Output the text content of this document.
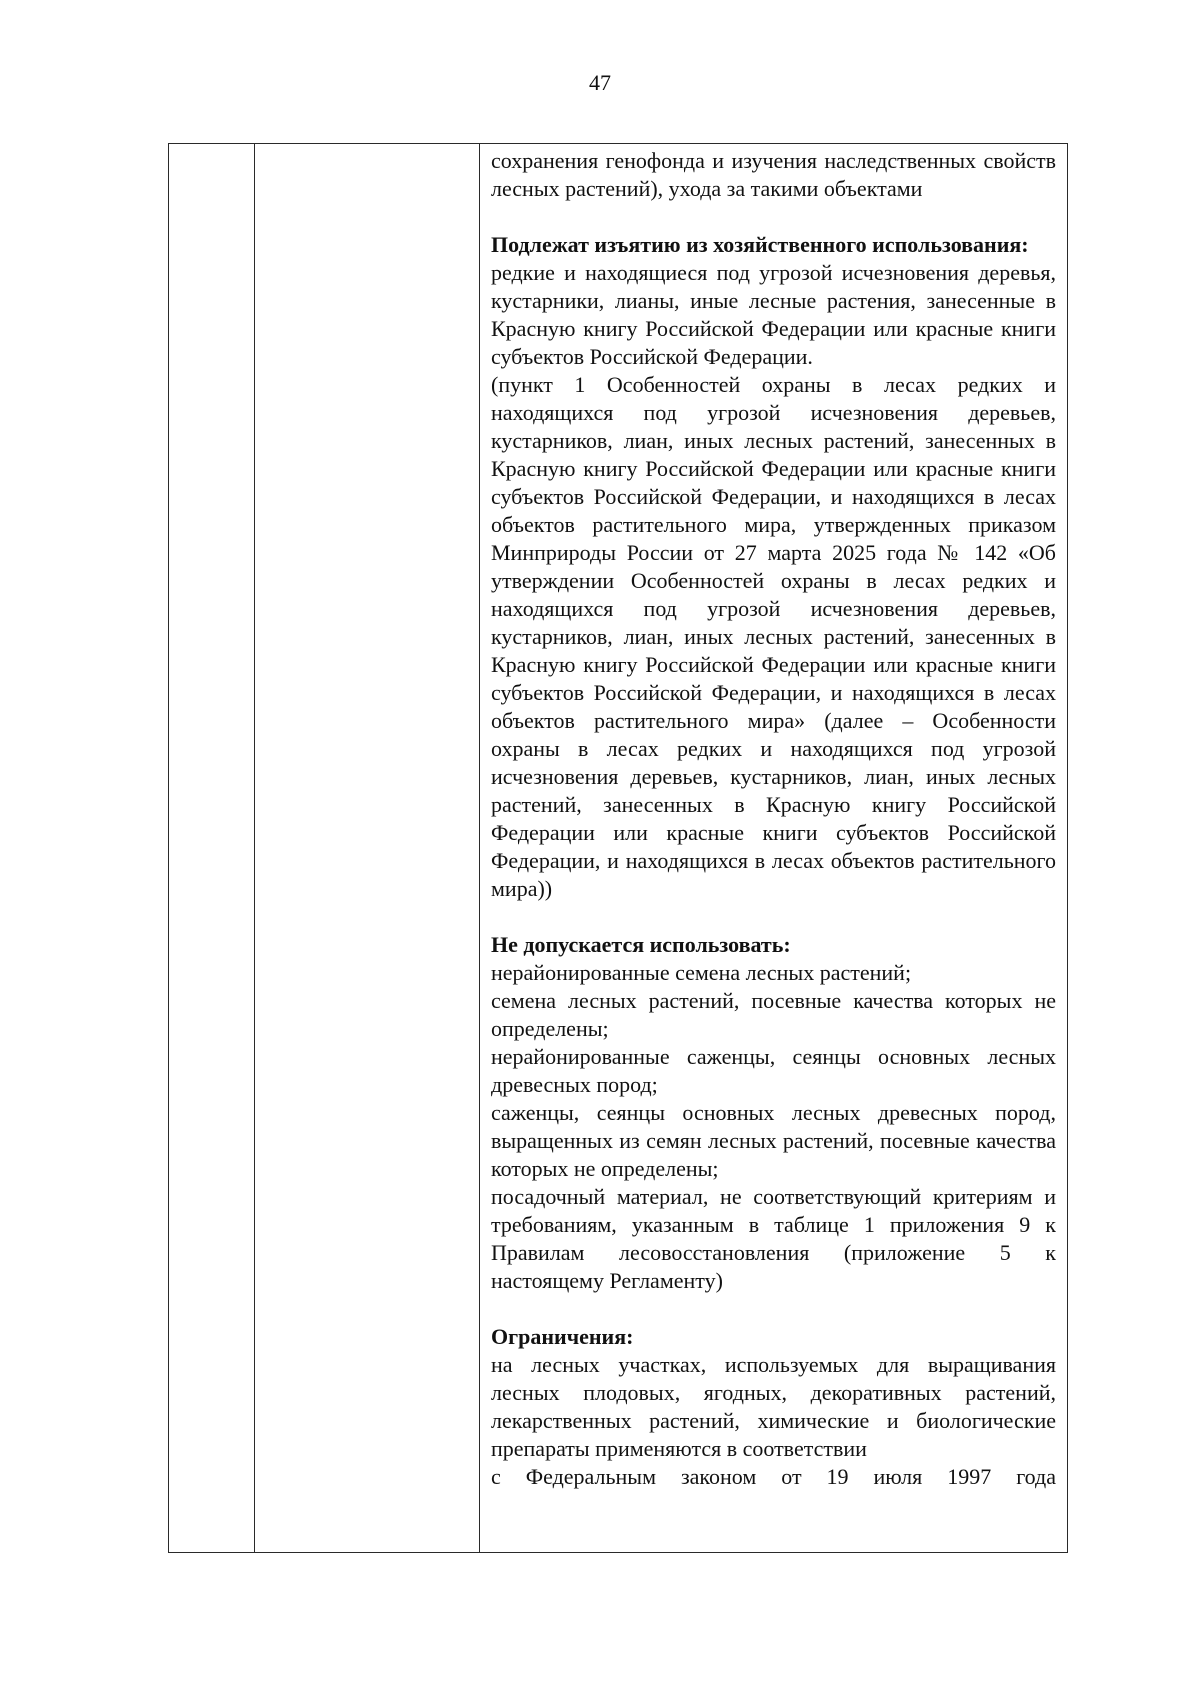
47

сохранения генофонда и изучения наследственных свойств лесных растений), ухода за такими объектами

Подлежат изъятию из хозяйственного использования:

редкие и находящиеся под угрозой исчезновения деревья, кустарники, лианы, иные лесные растения, занесенные в Красную книгу Российской Федерации или красные книги субъектов Российской Федерации.

(пункт 1 Особенностей охраны в лесах редких и находящихся под угрозой исчезновения деревьев, кустарников, лиан, иных лесных растений, занесенных в Красную книгу Российской Федерации или красные книги субъектов Российской Федерации, и находящихся в лесах объектов растительного мира, утвержденных приказом Минприроды России от 27 марта 2025 года № 142 «Об утверждении Особенностей охраны в лесах редких и находящихся под угрозой исчезновения деревьев, кустарников, лиан, иных лесных растений, занесенных в Красную книгу Российской Федерации или красные книги субъектов Российской Федерации, и находящихся в лесах объектов растительного мира» (далее – Особенности охраны в лесах редких и находящихся под угрозой исчезновения деревьев, кустарников, лиан, иных лесных растений, занесенных в Красную книгу Российской Федерации или красные книги субъектов Российской Федерации, и находящихся в лесах объектов растительного мира))

Не допускается использовать:

нерайонированные семена лесных растений;

семена лесных растений, посевные качества которых не определены;

нерайонированные саженцы, сеянцы основных лесных древесных пород;

саженцы, сеянцы основных лесных древесных пород, выращенных из семян лесных растений, посевные качества которых не определены;

посадочный материал, не соответствующий критериям и требованиям, указанным в таблице 1 приложения 9 к Правилам лесовосстановления (приложение 5 к настоящему Регламенту)

Ограничения:

на лесных участках, используемых для выращивания лесных плодовых, ягодных, декоративных растений, лекарственных растений, химические и биологические препараты применяются в соответствии

с Федеральным законом от 19 июля 1997 года
